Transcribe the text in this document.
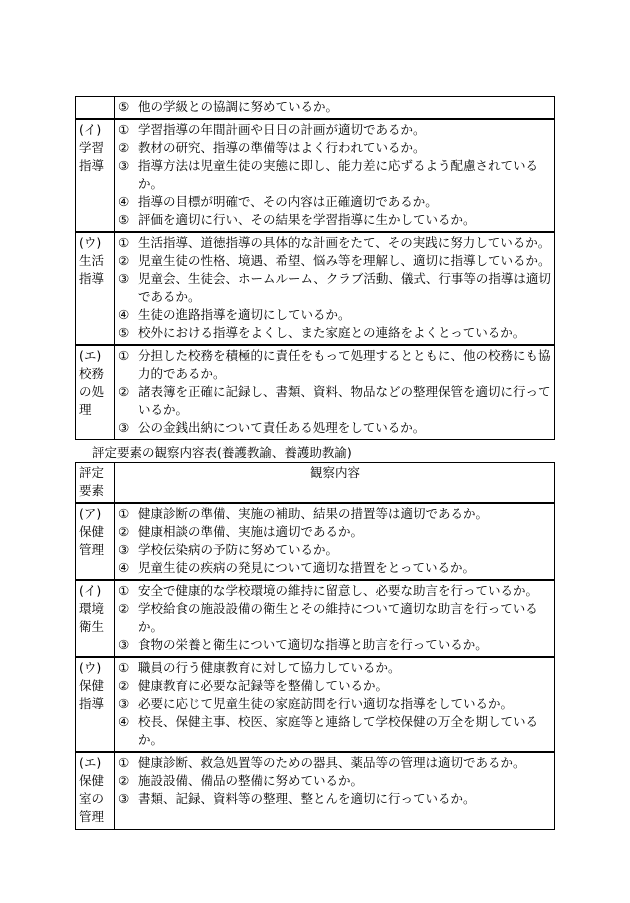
	⑤ 他の学級との協調に努めているか。

(イ)
学習
指導	① 学習指導の年間計画や日日の計画が適切であるか。
② 教材の研究、指導の準備等はよく行われているか。
③ 指導方法は児童生徒の実態に即し、能力差に応ずるよう配慮されているか。
④ 指導の目標が明確で、その内容は正確適切であるか。
⑤ 評価を適切に行い、その結果を学習指導に生かしているか。

(ウ)
生活
指導	① 生活指導、道徳指導の具体的な計画をたて、その実践に努力しているか。
② 児童生徒の性格、境遇、希望、悩み等を理解し、適切に指導しているか。
③ 児童会、生徒会、ホームルーム、クラブ活動、儀式、行事等の指導は適切であるか。
④ 生徒の進路指導を適切にしているか。
⑤ 校外における指導をよくし、また家庭との連絡をよくとっているか。

(エ)
校務
の処
理	① 分担した校務を積極的に責任をもって処理するとともに、他の校務にも協力的であるか。
② 諸表簿を正確に記録し、書類、資料、物品などの整理保管を適切に行っているか。
③ 公の金銭出納について責任ある処理をしているか。
評定要素の観察内容表(養護教諭、養護助教諭)
評定
要素	観察内容

(ア)
保健
管理	① 健康診断の準備、実施の補助、結果の措置等は適切であるか。
② 健康相談の準備、実施は適切であるか。
③ 学校伝染病の予防に努めているか。
④ 児童生徒の疾病の発見について適切な措置をとっているか。

(イ)
環境
衛生	① 安全で健康的な学校環境の維持に留意し、必要な助言を行っているか。
② 学校給食の施設設備の衛生とその維持について適切な助言を行っているか。
③ 食物の栄養と衛生について適切な指導と助言を行っているか。

(ウ)
保健
指導	① 職員の行う健康教育に対して協力しているか。
② 健康教育に必要な記録等を整備しているか。
③ 必要に応じて児童生徒の家庭訪問を行い適切な指導をしているか。
④ 校長、保健主事、校医、家庭等と連絡して学校保健の万全を期しているか。

(エ)
保健
室の
管理	① 健康診断、救急処置等のための器具、薬品等の管理は適切であるか。
② 施設設備、備品の整備に努めているか。
③ 書類、記録、資料等の整理、整とんを適切に行っているか。
